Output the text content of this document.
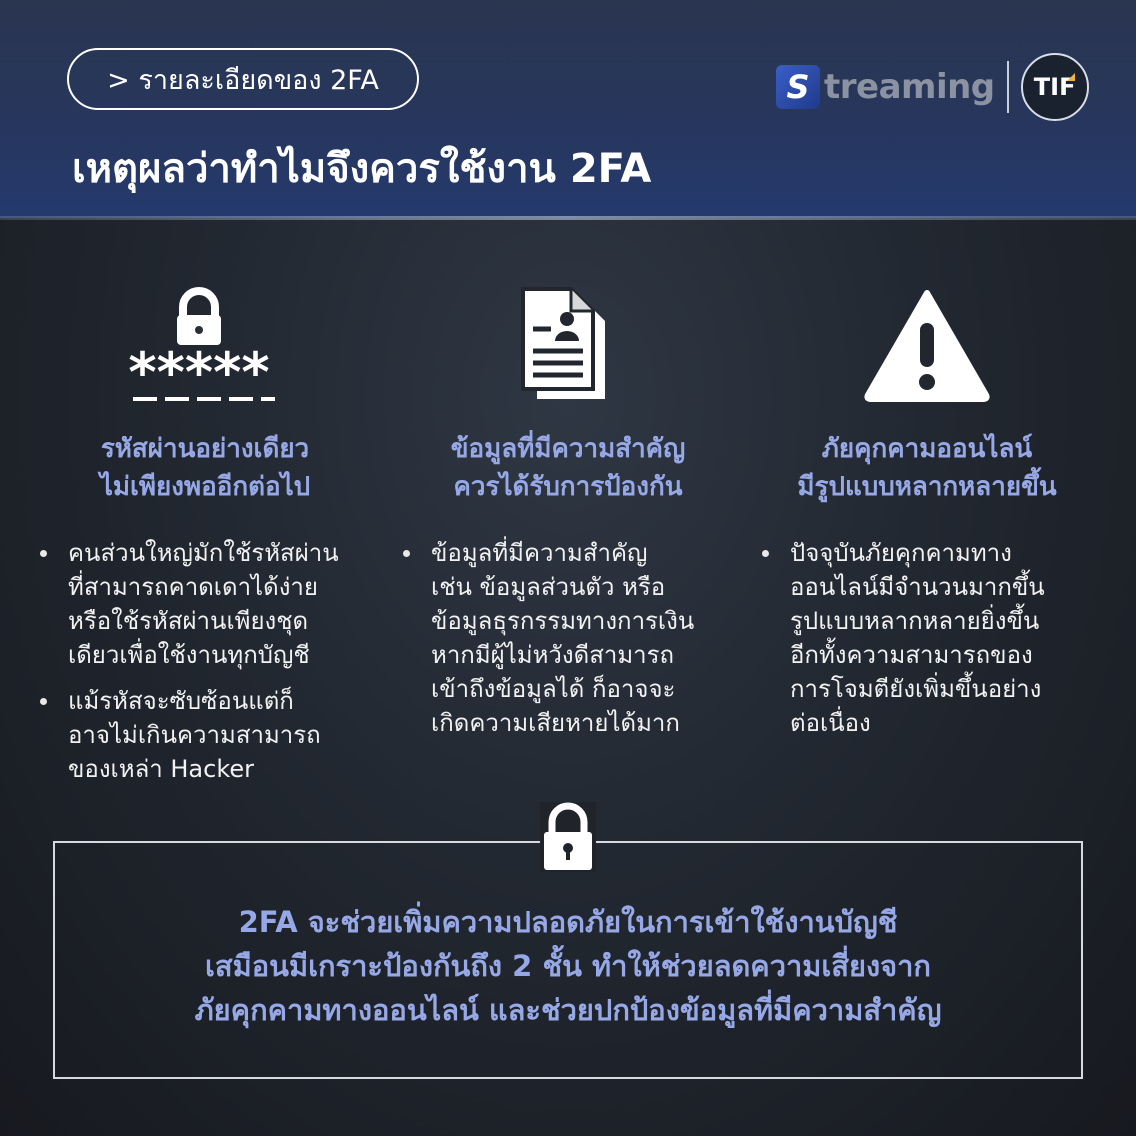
> รายละเอียดของ 2FA
เหตุผลว่าทำไมจึงควรใช้งาน 2FA
S treaming TIF
*****
รหัสผ่านอย่างเดียว
ไม่เพียงพออีกต่อไป
คนส่วนใหญ่มักใช้รหัสผ่าน
ที่สามารถคาดเดาได้ง่าย
หรือใช้รหัสผ่านเพียงชุด
เดียวเพื่อใช้งานทุกบัญชี
แม้รหัสจะซับซ้อนแต่ก็
อาจไม่เกินความสามารถ
ของเหล่า Hacker
ข้อมูลที่มีความสำคัญ
ควรได้รับการป้องกัน
ข้อมูลที่มีความสำคัญ
เช่น ข้อมูลส่วนตัว หรือ
ข้อมูลธุรกรรมทางการเงิน
หากมีผู้ไม่หวังดีสามารถ
เข้าถึงข้อมูลได้ ก็อาจจะ
เกิดความเสียหายได้มาก
ภัยคุกคามออนไลน์
มีรูปแบบหลากหลายขึ้น
ปัจจุบันภัยคุกคามทาง
ออนไลน์มีจำนวนมากขึ้น
รูปแบบหลากหลายยิ่งขึ้น
อีกทั้งความสามารถของ
การโจมตียังเพิ่มขึ้นอย่าง
ต่อเนื่อง
2FA จะช่วยเพิ่มความปลอดภัยในการเข้าใช้งานบัญชี
เสมือนมีเกราะป้องกันถึง 2 ชั้น ทำให้ช่วยลดความเสี่ยงจาก
ภัยคุกคามทางออนไลน์ และช่วยปกป้องข้อมูลที่มีความสำคัญ
